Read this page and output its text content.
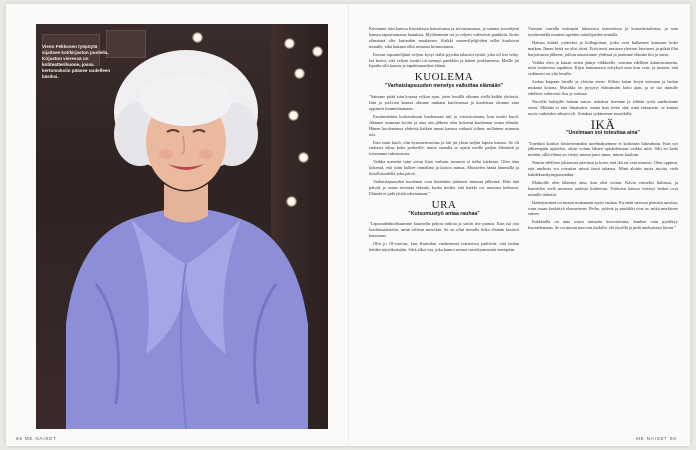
Vieno Fekkosen työpöytä sijaitsee kotikirjaston puolella. Kirjaston vieressä on kotiteatterihuone, jossa kertomuksiin pääsee uudelleen käsiksi.

Kävimme isän kanssa Karttulassa katsomassa ja tervastamassa, ja samme isovelijeni kanssa rapsuttamassa lautaksia. Myöhemmin isä ja veljeni vaihtoivat pankkiin. Koko elämänsä olin kuitenkin maalainen. Kaikki maanviljelijöiden tallat kuuluivat minulle, eikä kukaan ollut minusta kiinnostunut.

Kerran rapsuttelijänä veljeni kysyi isältä pyydän takaisin tyttöä, joka oli itse tehty. Isä kertoi, että veljeni isoäiti on mennyt pankkiin ja hänen joukkueensa. Meille jäi lopulta silti kaunis ja tapahtumarikas elämä.

KUOLEMA
"Varhaislapsuuden menetys vaikuttaa elämään"

"Saimme pitää isän kotona viikon ajan, joten kesällä olimme siellä kaikki yhdessä. Isän ja ystävien kanssa olimme mukana kuolemassa ja kuolemaa olimme aina oppineet kunnioittamaan.

Ensimmäinen kosketukseni kuolemaan tuli jo viisivuotiaana, kun isoäiti kuoli. Jäämme asumaan kotiin ja aina sen jälkeen olen kokenut kuoleman osana elämää. Hänen kuolemansa yhdessä kaiken muun kanssa vaikutti siihen, millainen minusta tuli.

Kun isäni kuoli, olin kymmenvuotias ja äiti jäi yksin neljän lapsen kanssa. Se oli raskasta aikaa koko perheelle, mutta samalla se opetti meille paljon elämästä ja toistemme tukemisesta.

Vaikka menetin isäni aivan liian varhain, minusta ei tullut katkeraa. Olen aina kokenut, että isäni kulkee rinnallani ja katsoo minua. Muistelen häntä lämmöllä ja kiitollisuudella joka päivä.

Varhaislapsuuden kuolemat ovat kuitenkin jättäneet minuun jälkensä. Elän tätä päivää ja osaan arvostaa elämää, koska tiedän, että kaikki voi muuttua hetkessä. Elämää ei pidä jättää odottamaan."

URA
"Kutsumustyö antaa rauhaa"

"Lapsuudenkodissamme kuuntelin paljon radiota ja soitin itse pianoa. Kun isä osti koulutustaistelut, minä valitsin musiikin. Se on ollut minulle koko elämän kestävä kutsumus.

Olin jo 18-vuotias, kun Karttulan vanhemmat teatterissa päättivät, että laulan heidän näytöksissään. Siitä alkoi ura, joka kantoi minua vuosikymmeniä eteenpäin.

Vuosien varrella esiinnyin lukuisissa teattereissa ja konserttisaleissa, ja sain työskennellä monien upeiden taiteilijoiden rinnalla.

Haluan kiittää ystäviäni ja kollegoitani, jotka ovat kulkeneet kanssani koko matkan. Ilman heitä en olisi tässä. Erityisesti muistan yhteiset kiertueet ja pitkät illat harjoitusten jälkeen, jolloin nauroimme yhdessä ja jaoimme elämän ilot ja surut.

Vaikka olen jo kauan sitten jäänyt eläkkeelle, seuraan edelleen kiinnostuneena, mitä teatterissa tapahtuu. Käyn katsomassa esityksiä aina kun voin, ja tunnen, että sydämeni on yhä lavalla.

Joskus kaipaan lavalle ja yleisön eteen. Silloin laitan levyn soimaan ja laulan mukana kotona. Musiikki on pysynyt elämässäni koko ajan, ja se tuo minulle edelleen valtavasti iloa ja voimaa.

Nuorille laulajille haluan sanoa: uskokaa itseenne ja tehkää työtä unelmienne eteen. Mikään ei tule ilmaiseksi, mutta kun teette sitä, mitä rakastatte, se kantaa myös vaikeiden aikojen yli. Antakaa sydämenne musiikille.

IKÄ
"Unelmaan voi toteuttaa aina"

"Jotenkin koulun loistavimmaksi unelmaksemme ei korkeaan lukeuduttu. Kun nyt jälkeenpäin ajattelen, olisin voinut lähteä opiskelemaan vaikka mitä. Silti en kadu mitään, sillä elämä on vienyt minua juuri sinne, minne kuuluin.

Nautin edelleen jokaisesta päivästä ja koen, että ikä on vain numero. Olen oppinut, että unelmia voi toteuttaa missä iässä tahansa. Minä aloitin uusia asioita vielä kahdeksankymppisenäkin.

Matkoille olen lähtenyt aina, kun olen voinut. Kävin viimeksi Italiassa, ja haaveilen vielä monesta uudesta kohteesta. Ystävien kanssa vietetyt hetket ovat minulle tärkeitä.

Ikääntyminen on tuonut mukanaan myös rauhaa. En enää stressaa pienistä asioista, vaan osaan keskittyä olennaiseen. Perhe, ystävät ja musiikki ovat se, mikä merkitsee eniten.

Kaikkialla on aina uusia tarinoita kerrottavana, kunhan vain pysähtyy kuuntelemaan. Se on minun neuvoni kaikille: elä täysillä ja pidä unelmistasi kiinni."

68 ME NAISET	ME NAISET 69
